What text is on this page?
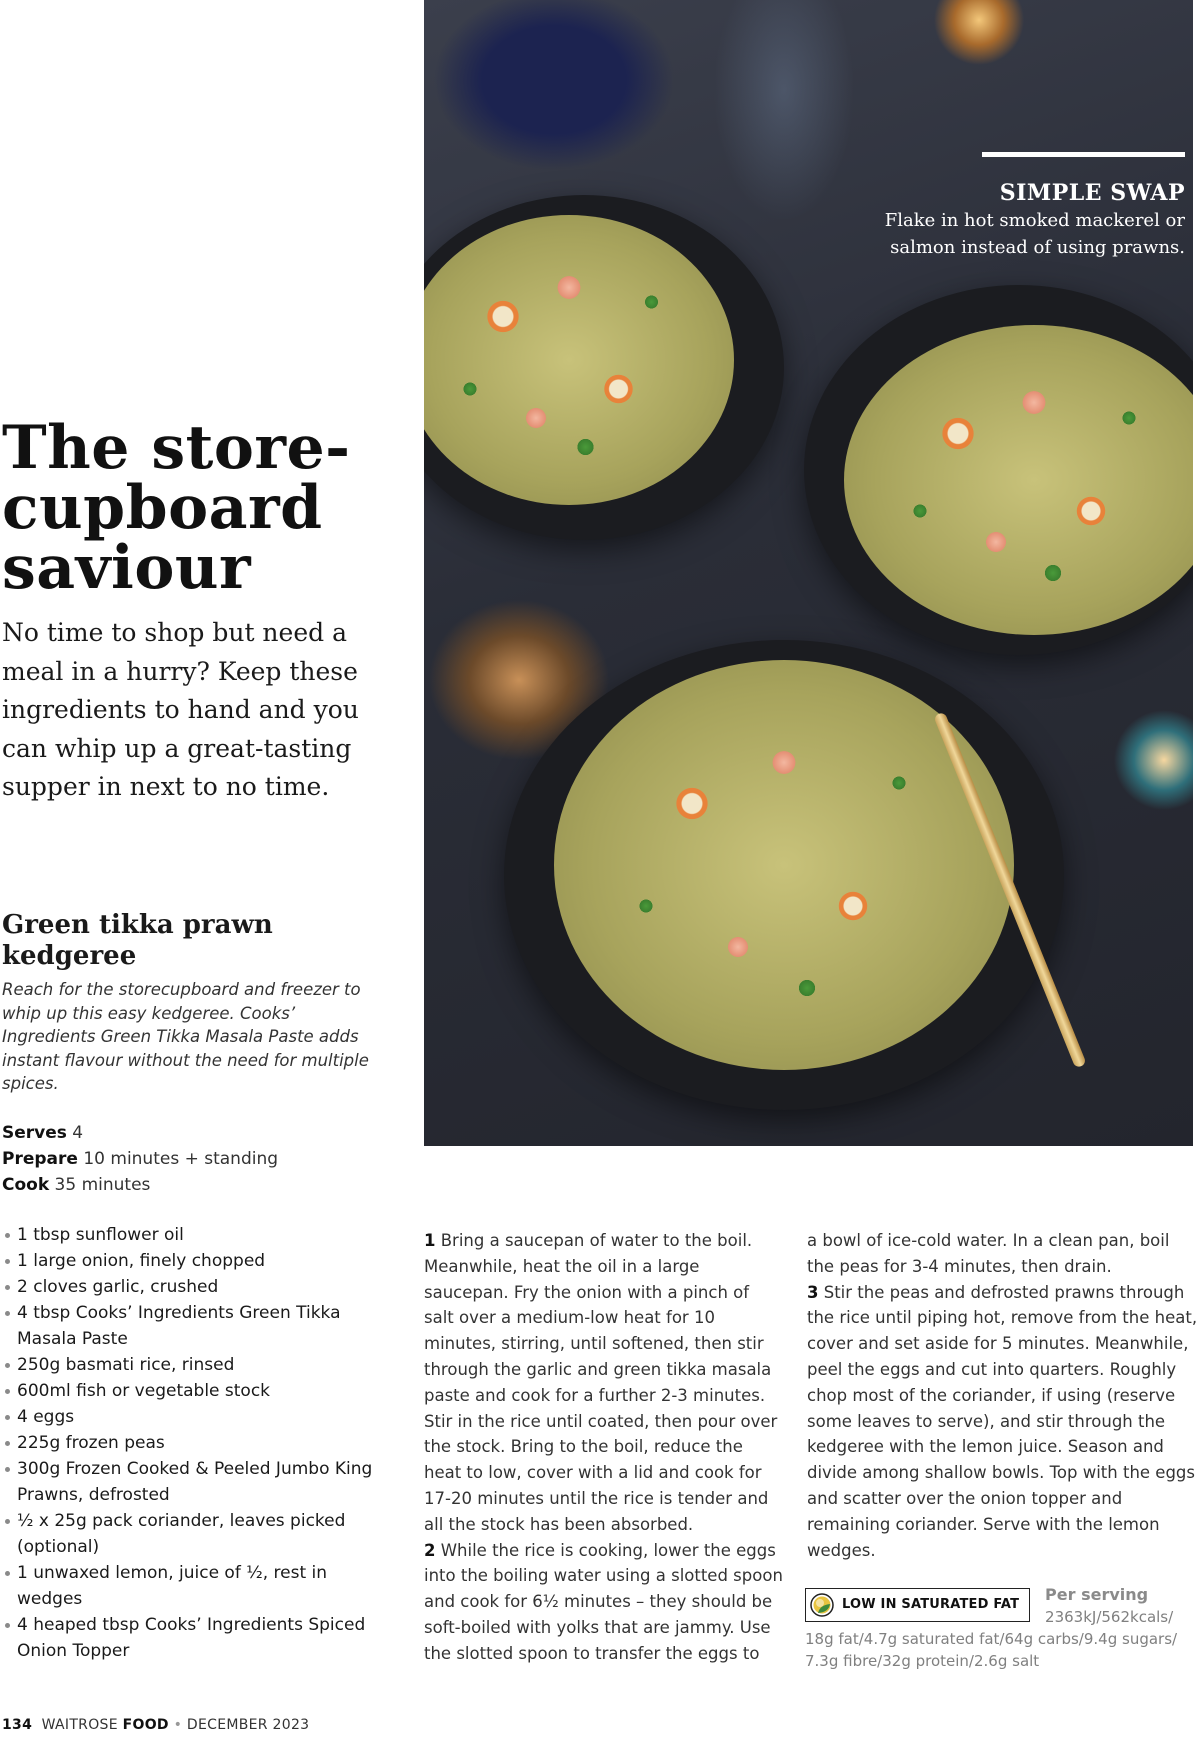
SIMPLE SWAP
Flake in hot smoked mackerel or salmon instead of using prawns.
The store-
cupboard
saviour
No time to shop but need a meal in a hurry? Keep these ingredients to hand and you can whip up a great-tasting supper in next to no time.
Green tikka prawn kedgeree
Reach for the storecupboard and freezer to whip up this easy kedgeree. Cooks’ Ingredients Green Tikka Masala Paste adds instant flavour without the need for multiple spices.
Serves 4
Prepare 10 minutes + standing
Cook 35 minutes
1 tbsp sunflower oil
1 large onion, finely chopped
2 cloves garlic, crushed
4 tbsp Cooks’ Ingredients Green Tikka Masala Paste
250g basmati rice, rinsed
600ml fish or vegetable stock
4 eggs
225g frozen peas
300g Frozen Cooked & Peeled Jumbo King Prawns, defrosted
½ x 25g pack coriander, leaves picked (optional)
1 unwaxed lemon, juice of ½, rest in wedges
4 heaped tbsp Cooks’ Ingredients Spiced Onion Topper

1 Bring a saucepan of water to the boil. Meanwhile, heat the oil in a large saucepan. Fry the onion with a pinch of salt over a medium-low heat for 10 minutes, stirring, until softened, then stir through the garlic and green tikka masala paste and cook for a further 2-3 minutes. Stir in the rice until coated, then pour over the stock. Bring to the boil, reduce the heat to low, cover with a lid and cook for 17-20 minutes until the rice is tender and all the stock has been absorbed.

2 While the rice is cooking, lower the eggs into the boiling water using a slotted spoon and cook for 6½ minutes – they should be soft-boiled with yolks that are jammy. Use the slotted spoon to transfer the eggs to

a bowl of ice-cold water. In a clean pan, boil the peas for 3-4 minutes, then drain.

3 Stir the peas and defrosted prawns through the rice until piping hot, remove from the heat, cover and set aside for 5 minutes. Meanwhile, peel the eggs and cut into quarters. Roughly chop most of the coriander, if using (reserve some leaves to serve), and stir through the kedgeree with the lemon juice. Season and divide among shallow bowls. Top with the eggs and scatter over the onion topper and remaining coriander. Serve with the lemon wedges.

LOW IN SATURATED FAT

Per serving
2363kJ/562kcals/
18g fat/4.7g saturated fat/64g carbs/9.4g sugars/
7.3g fibre/32g protein/2.6g salt
134 WAITROSE FOOD • DECEMBER 2023
